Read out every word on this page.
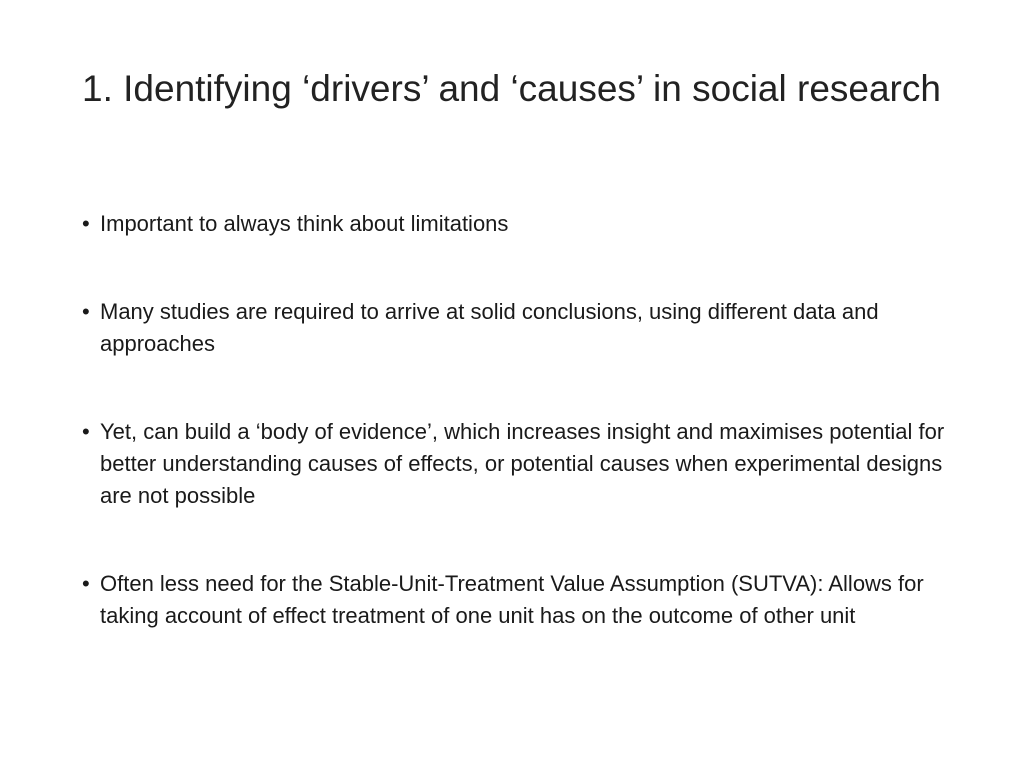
1. Identifying ‘drivers’ and ‘causes’ in social research
• Important to always think about limitations
• Many studies are required to arrive at solid conclusions, using different data and approaches
• Yet, can build a ‘body of evidence’, which increases insight and maximises potential for better understanding causes of effects, or potential causes when experimental designs are not possible
• Often less need for the Stable-Unit-Treatment Value Assumption (SUTVA): Allows for taking account of effect treatment of one unit has on the outcome of other unit
